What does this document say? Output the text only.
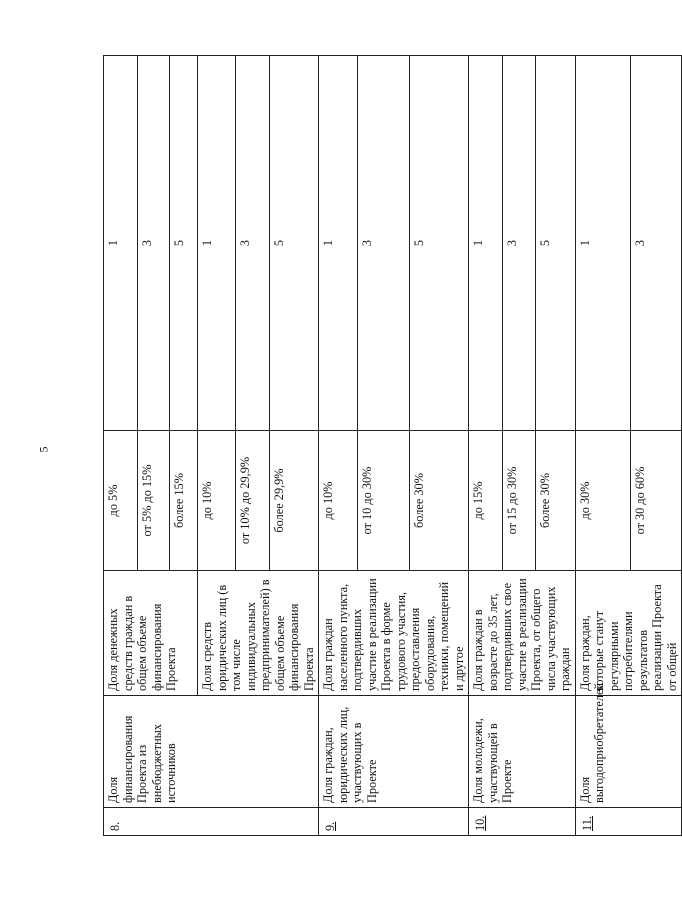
5
8.	Доля финансирования Проекта из внебюджетных источников	Доля денежных средств граждан в общем объеме финансирования Проекта	до 5%	1
			от 5% до 15%	3
			более 15%	5
		Доля средств юридических лиц (в том числе индивидуальных предпринимателей) в общем объеме финансирования Проекта	до 10%	1
			от 10% до 29,9%	3
			более 29,9%	5
9.	Доля граждан, юридических лиц, участвующих в Проекте	Доля граждан населенного пункта, подтвердивших участие в реализации Проекта в форме трудового участия, предоставления оборудования, техники, помещений и другое	до 10%	1
			от 10 до 30%	3
			более 30%	5
10.	Доля молодежи, участвующей в Проекте	Доля граждан в возрасте до 35 лет, подтвердивших свое участие в реализации Проекта, от общего числа участвующих граждан	до 15%	1
			от 15 до 30%	3
			более 30%	5
11.	Доля выгодоприобретателей	Доля граждан, которые станут регулярными потребителями результатов реализации Проекта от общей	до 30%	1
			от 30 до 60%	3
